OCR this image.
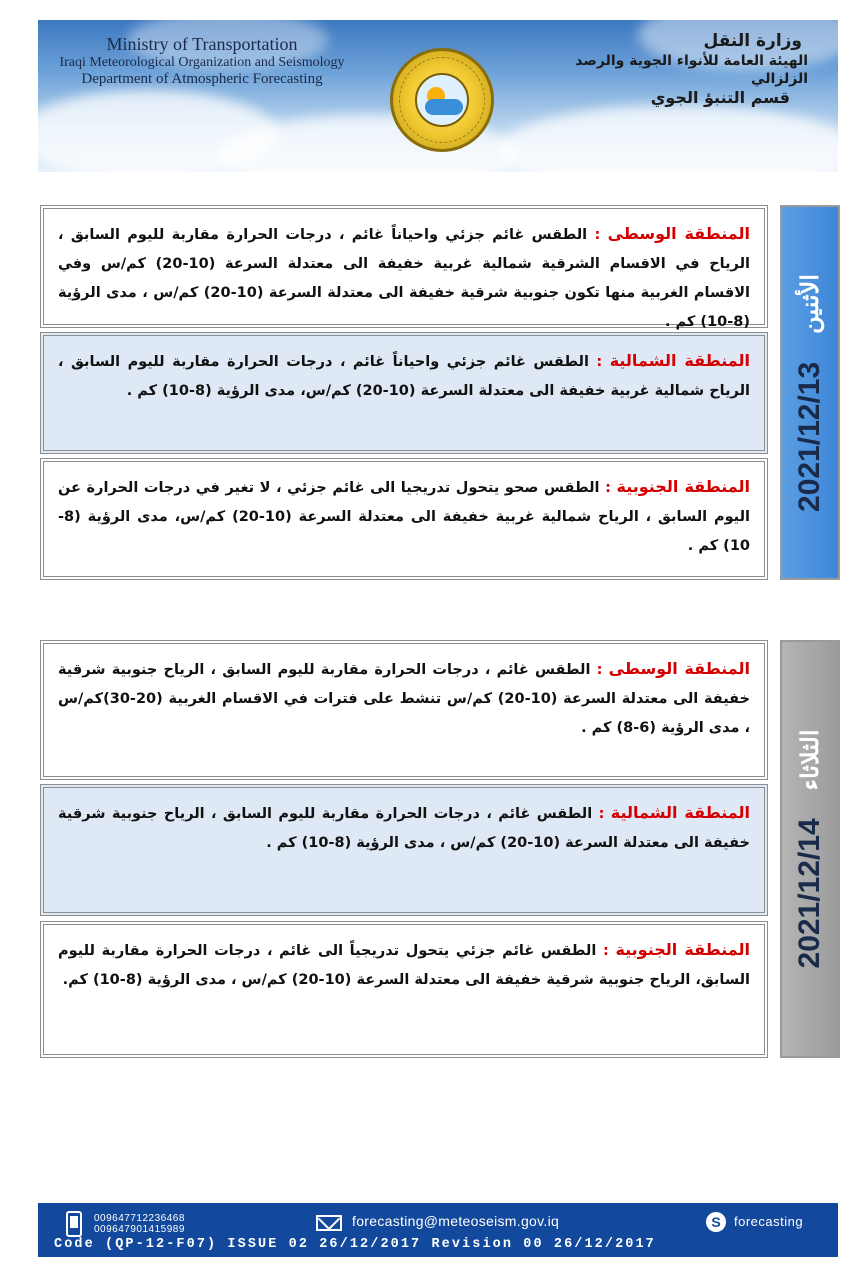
Ministry of Transportation
Iraqi Meteorological Organization and Seismology
Department of Atmospheric Forecasting
وزارة النقل
الهيئة العامة للأنواء الجوية والرصد الزلزالي
قسم التنبؤ الجوي
المنطقة الوسطى : الطقس غائم جزئي واحياناً غائم ، درجات الحرارة مقاربة لليوم السابق ، الرياح في الاقسام الشرقية شمالية غربية خفيفة الى معتدلة السرعة (10-20) كم/س وفي الاقسام الغربية منها تكون جنوبية شرقية خفيفة الى معتدلة السرعة (10-20) كم/س ، مدى الرؤية (8-10) كم .
المنطقة الشمالية : الطقس غائم جزئي واحياناً غائم ، درجات الحرارة مقاربة لليوم السابق ، الرياح شمالية غربية خفيفة الى معتدلة السرعة (10-20) كم/س، مدى الرؤية (8-10) كم .
المنطقة الجنوبية : الطقس صحو يتحول تدريجيا الى غائم جزئي ، لا تغير في درجات الحرارة عن اليوم السابق ، الرياح شمالية غربية خفيفة الى معتدلة السرعة (10-20) كم/س، مدى الرؤية (8-10) كم .
2021/12/13
الأثنين
المنطقة الوسطى : الطقس غائم ، درجات الحرارة مقاربة لليوم السابق ، الرياح جنوبية شرقية خفيفة الى معتدلة السرعة (10-20) كم/س تنشط على فترات في الاقسام الغربية (20-30)كم/س ، مدى الرؤية (6-8) كم .
المنطقة الشمالية : الطقس غائم ، درجات الحرارة مقاربة لليوم السابق ، الرياح جنوبية شرقية خفيفة الى معتدلة السرعة (10-20) كم/س ، مدى الرؤية (8-10) كم .
المنطقة الجنوبية : الطقس غائم جزئي يتحول تدريجياً الى غائم ، درجات الحرارة مقاربة لليوم السابق، الرياح جنوبية شرقية خفيفة الى معتدلة السرعة (10-20) كم/س ، مدى الرؤية (8-10) كم.
2021/12/14
الثلاثاء
009647712236468
009647901415989
forecasting@meteoseism.gov.iq	S	forecasting
Code (QP-12-F07) ISSUE 02 26/12/2017 Revision 00 26/12/2017
